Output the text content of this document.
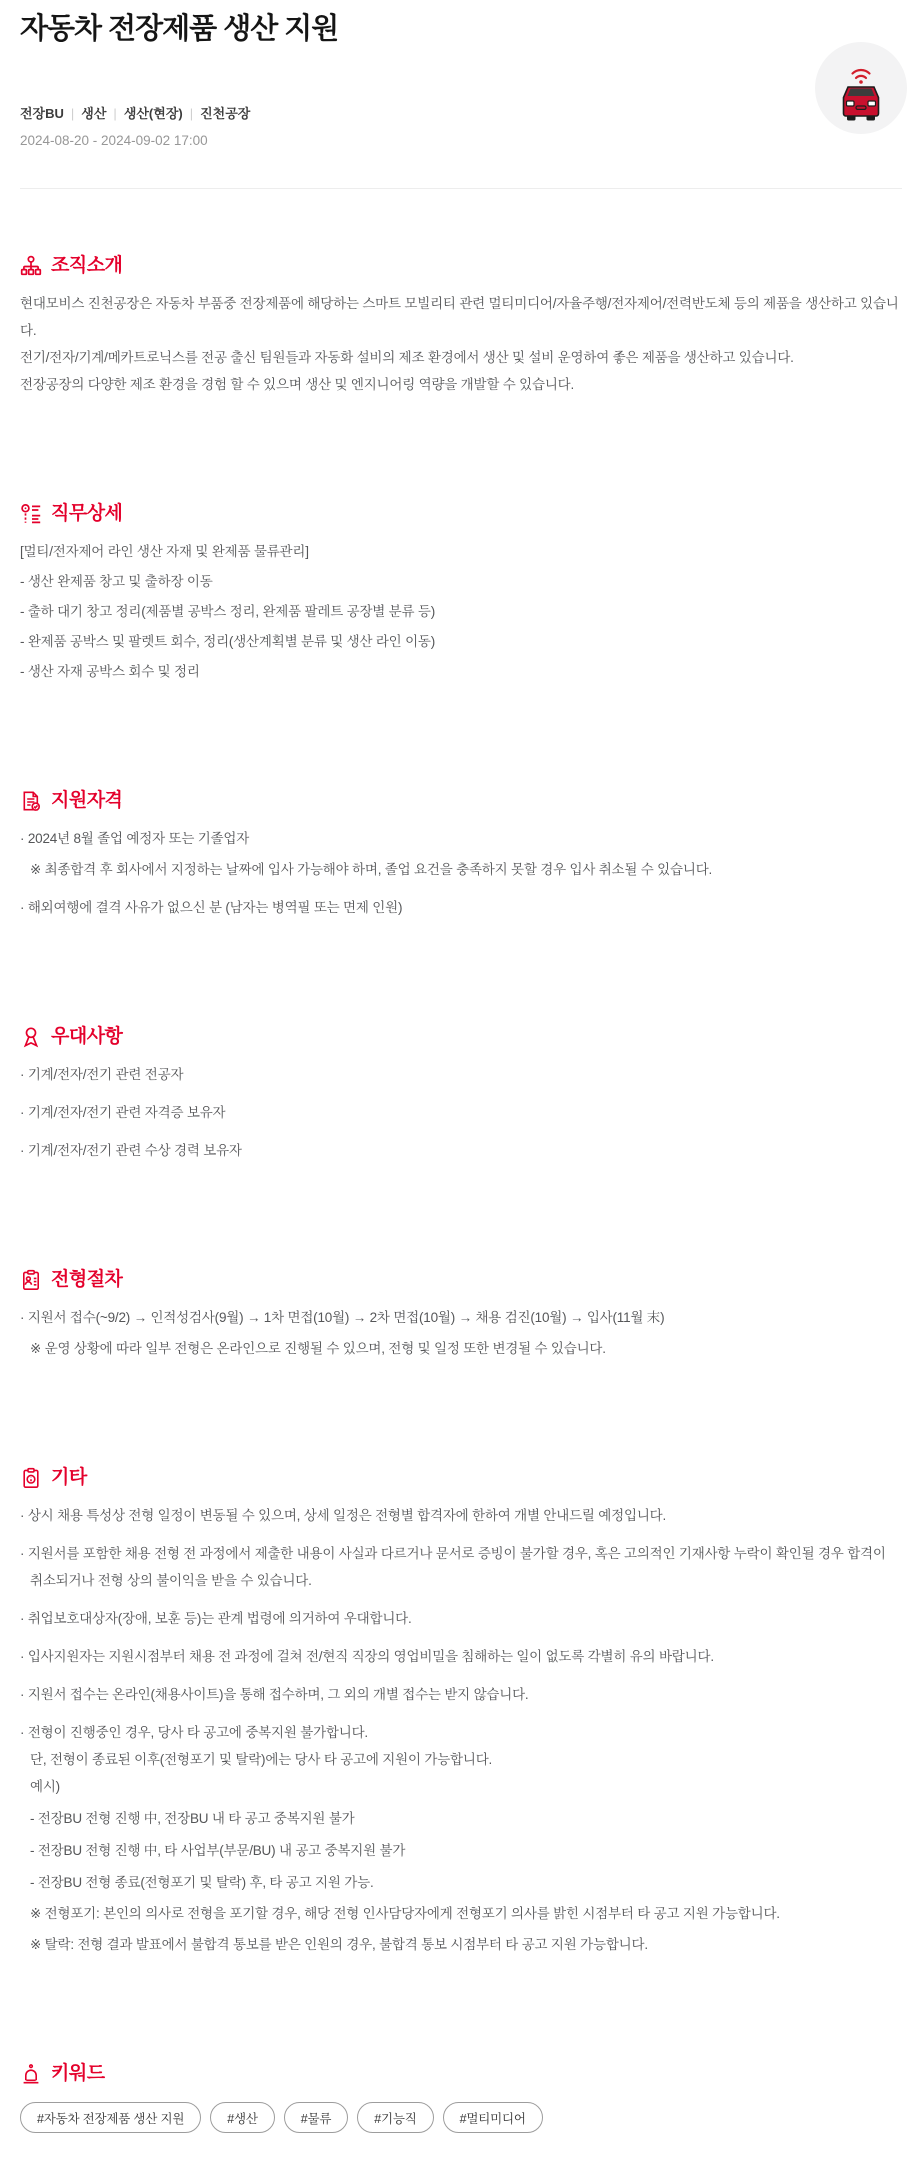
자동차 전장제품 생산 지원
전장BU | 생산 | 생산(현장) | 진천공장
2024-08-20 - 2024-09-02 17:00
조직소개
현대모비스 진천공장은 자동차 부품중 전장제품에 해당하는 스마트 모빌리티 관련 멀티미디어/자율주행/전자제어/전력반도체 등의 제품을 생산하고 있습니다.
전기/전자/기계/메카트로닉스를 전공 출신 팀원들과 자동화 설비의 제조 환경에서 생산 및 설비 운영하여 좋은 제품을 생산하고 있습니다.
전장공장의 다양한 제조 환경을 경험 할 수 있으며 생산 및 엔지니어링 역량을 개발할 수 있습니다.
직무상세
[멀티/전자제어 라인 생산 자재 및 완제품 물류관리]
- 생산 완제품 창고 및 출하장 이동
- 출하 대기 창고 정리(제품별 공박스 정리, 완제품 팔레트 공장별 분류 등)
- 완제품 공박스 및 팔렛트 회수, 정리(생산계획별 분류 및 생산 라인 이동)
- 생산 자재 공박스 회수 및 정리
지원자격
· 2024년 8월 졸업 예정자 또는 기졸업자
※ 최종합격 후 회사에서 지정하는 날짜에 입사 가능해야 하며, 졸업 요건을 충족하지 못할 경우 입사 취소될 수 있습니다.
· 해외여행에 결격 사유가 없으신 분 (남자는 병역필 또는 면제 인원)
우대사항
· 기계/전자/전기 관련 전공자
· 기계/전자/전기 관련 자격증 보유자
· 기계/전자/전기 관련 수상 경력 보유자
전형절차
· 지원서 접수(~9/2) → 인적성검사(9월) → 1차 면접(10월) → 2차 면접(10월) → 채용 검진(10월) → 입사(11월 末)
※ 운영 상황에 따라 일부 전형은 온라인으로 진행될 수 있으며, 전형 및 일정 또한 변경될 수 있습니다.
기타
· 상시 채용 특성상 전형 일정이 변동될 수 있으며, 상세 일정은 전형별 합격자에 한하여 개별 안내드릴 예정입니다.
· 지원서를 포함한 채용 전형 전 과정에서 제출한 내용이 사실과 다르거나 문서로 증빙이 불가할 경우, 혹은 고의적인 기재사항 누락이 확인될 경우 합격이 취소되거나 전형 상의 불이익을 받을 수 있습니다.
· 취업보호대상자(장애, 보훈 등)는 관계 법령에 의거하여 우대합니다.
· 입사지원자는 지원시점부터 채용 전 과정에 걸쳐 전/현직 직장의 영업비밀을 침해하는 일이 없도록 각별히 유의 바랍니다.
· 지원서 접수는 온라인(채용사이트)을 통해 접수하며, 그 외의 개별 접수는 받지 않습니다.
· 전형이 진행중인 경우, 당사 타 공고에 중복지원 불가합니다.
단, 전형이 종료된 이후(전형포기 및 탈락)에는 당사 타 공고에 지원이 가능합니다.
예시)
- 전장BU 전형 진행 中, 전장BU 내 타 공고 중복지원 불가
- 전장BU 전형 진행 中, 타 사업부(부문/BU) 내 공고 중복지원 불가
- 전장BU 전형 종료(전형포기 및 탈락) 후, 타 공고 지원 가능.
※ 전형포기: 본인의 의사로 전형을 포기할 경우, 해당 전형 인사담당자에게 전형포기 의사를 밝힌 시점부터 타 공고 지원 가능합니다.
※ 탈락: 전형 결과 발표에서 불합격 통보를 받은 인원의 경우, 불합격 통보 시점부터 타 공고 지원 가능합니다.
키워드
#자동차 전장제품 생산 지원	#생산	#물류	#기능직	#멀티미디어
